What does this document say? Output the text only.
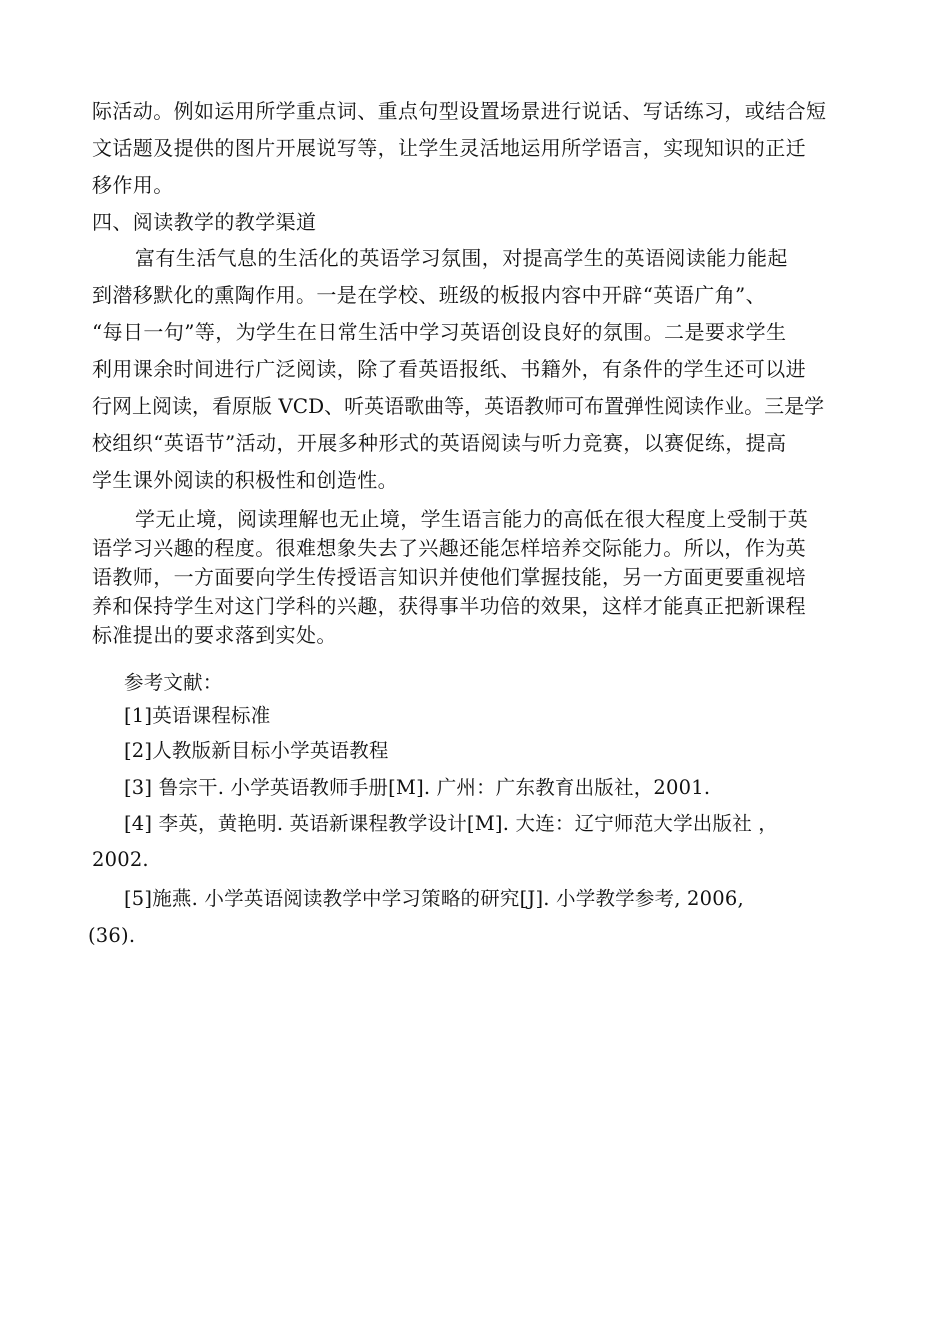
际活动。例如运用所学重点词、重点句型设置场景进行说话、写话练习，或结合短
文话题及提供的图片开展说写等，让学生灵活地运用所学语言，实现知识的正迁
移作用。
四、阅读教学的教学渠道
富有生活气息的生活化的英语学习氛围，对提高学生的英语阅读能力能起
到潜移默化的熏陶作用。一是在学校、班级的板报内容中开辟“英语广角”、
“每日一句”等，为学生在日常生活中学习英语创设良好的氛围。二是要求学生
利用课余时间进行广泛阅读，除了看英语报纸、书籍外，有条件的学生还可以进
行网上阅读，看原版 VCD、听英语歌曲等，英语教师可布置弹性阅读作业。三是学
校组织“英语节”活动，开展多种形式的英语阅读与听力竞赛，以赛促练，提高
学生课外阅读的积极性和创造性。
学无止境，阅读理解也无止境，学生语言能力的高低在很大程度上受制于英
语学习兴趣的程度。很难想象失去了兴趣还能怎样培养交际能力。所以，作为英
语教师，一方面要向学生传授语言知识并使他们掌握技能，另一方面更要重视培
养和保持学生对这门学科的兴趣，获得事半功倍的效果，这样才能真正把新课程
标准提出的要求落到实处。
参考文献：
[1]英语课程标准
[2]人教版新目标小学英语教程
[3] 鲁宗干. 小学英语教师手册[M]. 广州：广东教育出版社，2001.
[4] 李英，黄艳明. 英语新课程教学设计[M]. 大连：辽宁师范大学出版社 ，
2002.
[5]施燕. 小学英语阅读教学中学习策略的研究[J]. 小学教学参考, 2006,
(36).
